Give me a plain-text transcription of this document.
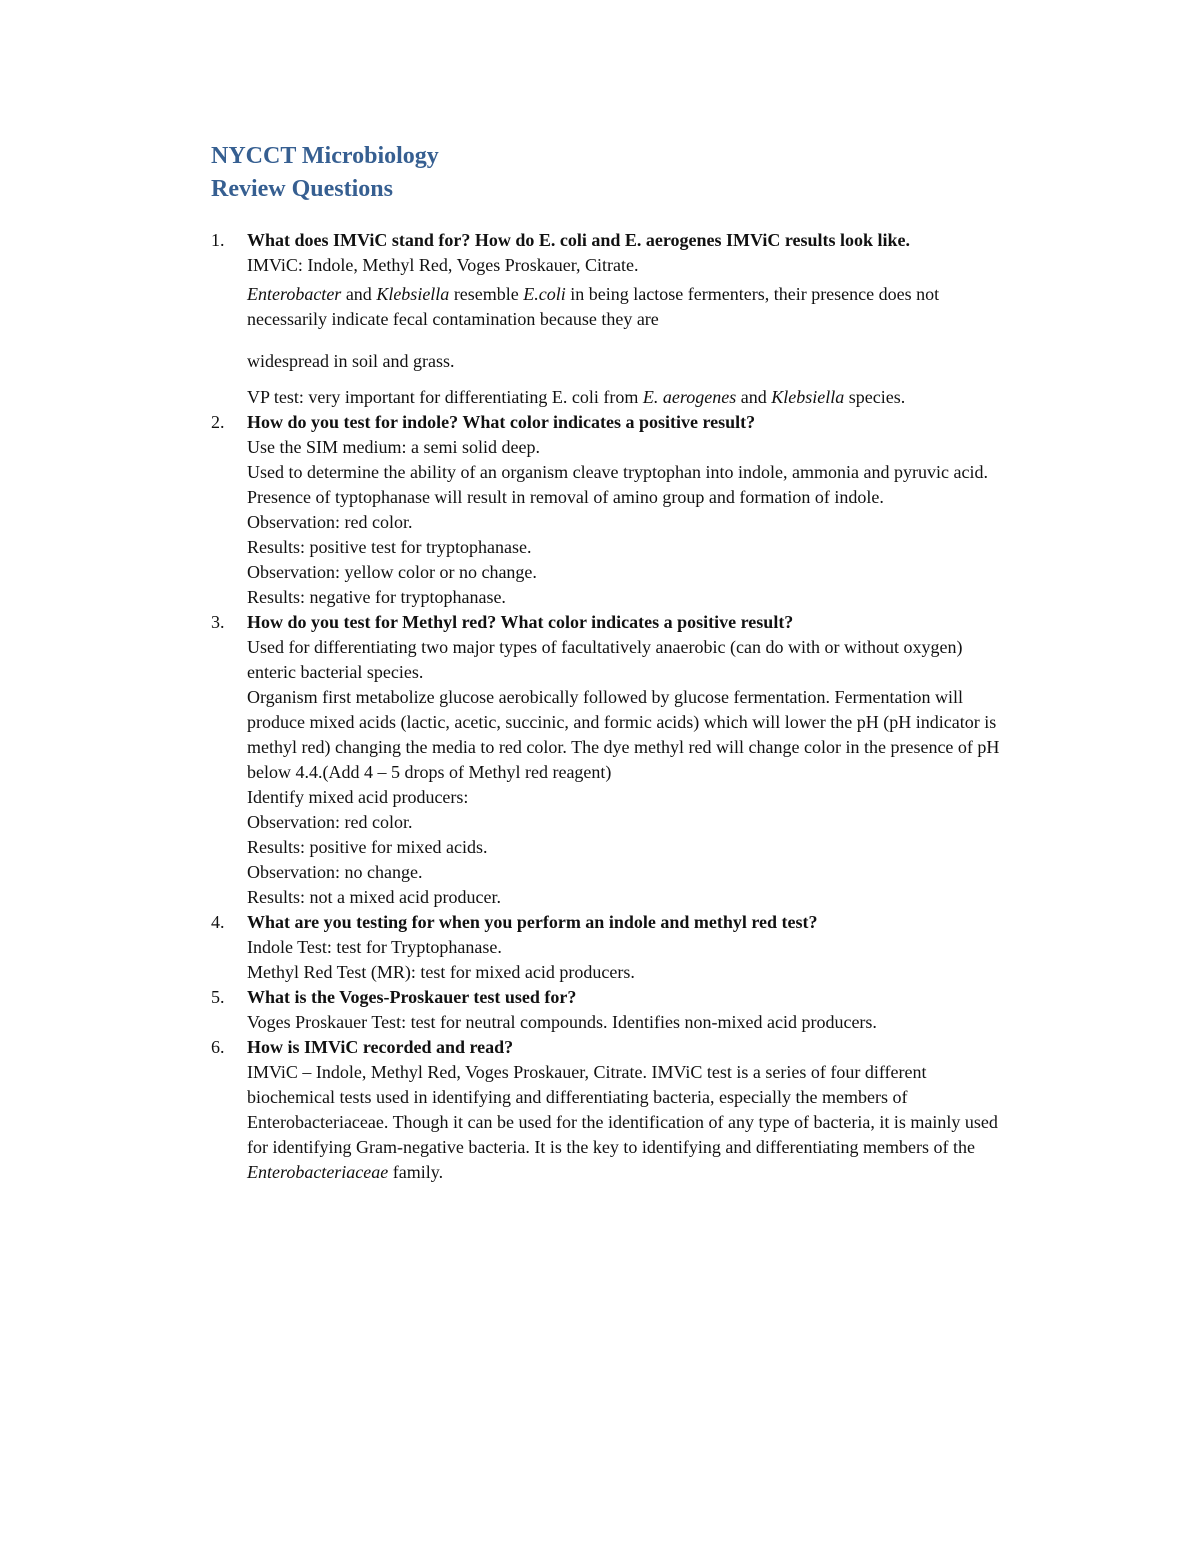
NYCCT Microbiology
Review Questions
1. What does IMViC stand for? How do E. coli and E. aerogenes IMViC results look like.

IMViC: Indole, Methyl Red, Voges Proskauer, Citrate.

Enterobacter and Klebsiella resemble E.coli in being lactose fermenters, their presence does not necessarily indicate fecal contamination because they are

widespread in soil and grass.

VP test: very important for differentiating E. coli from E. aerogenes and Klebsiella species.

2. How do you test for indole? What color indicates a positive result?

Use the SIM medium: a semi solid deep.

Used to determine the ability of an organism cleave tryptophan into indole, ammonia and pyruvic acid.

Presence of typtophanase will result in removal of amino group and formation of indole.

Observation: red color.

Results: positive test for tryptophanase.

Observation: yellow color or no change.

Results: negative for tryptophanase.

3. How do you test for Methyl red? What color indicates a positive result?

Used for differentiating two major types of facultatively anaerobic (can do with or without oxygen) enteric bacterial species.

Organism first metabolize glucose aerobically followed by glucose fermentation. Fermentation will produce mixed acids (lactic, acetic, succinic, and formic acids) which will lower the pH (pH indicator is methyl red) changing the media to red color. The dye methyl red will change color in the presence of pH below 4.4.(Add 4 – 5 drops of Methyl red reagent)

Identify mixed acid producers:

Observation: red color.

Results: positive for mixed acids.

Observation: no change.

Results: not a mixed acid producer.

4. What are you testing for when you perform an indole and methyl red test?

Indole Test: test for Tryptophanase.

Methyl Red Test (MR): test for mixed acid producers.

5. What is the Voges-Proskauer test used for?

Voges Proskauer Test: test for neutral compounds. Identifies non-mixed acid producers.

6. How is IMViC recorded and read?

IMViC – Indole, Methyl Red, Voges Proskauer, Citrate. IMViC test is a series of four different biochemical tests used in identifying and differentiating bacteria, especially the members of Enterobacteriaceae. Though it can be used for the identification of any type of bacteria, it is mainly used for identifying Gram-negative bacteria. It is the key to identifying and differentiating members of the Enterobacteriaceae family.
